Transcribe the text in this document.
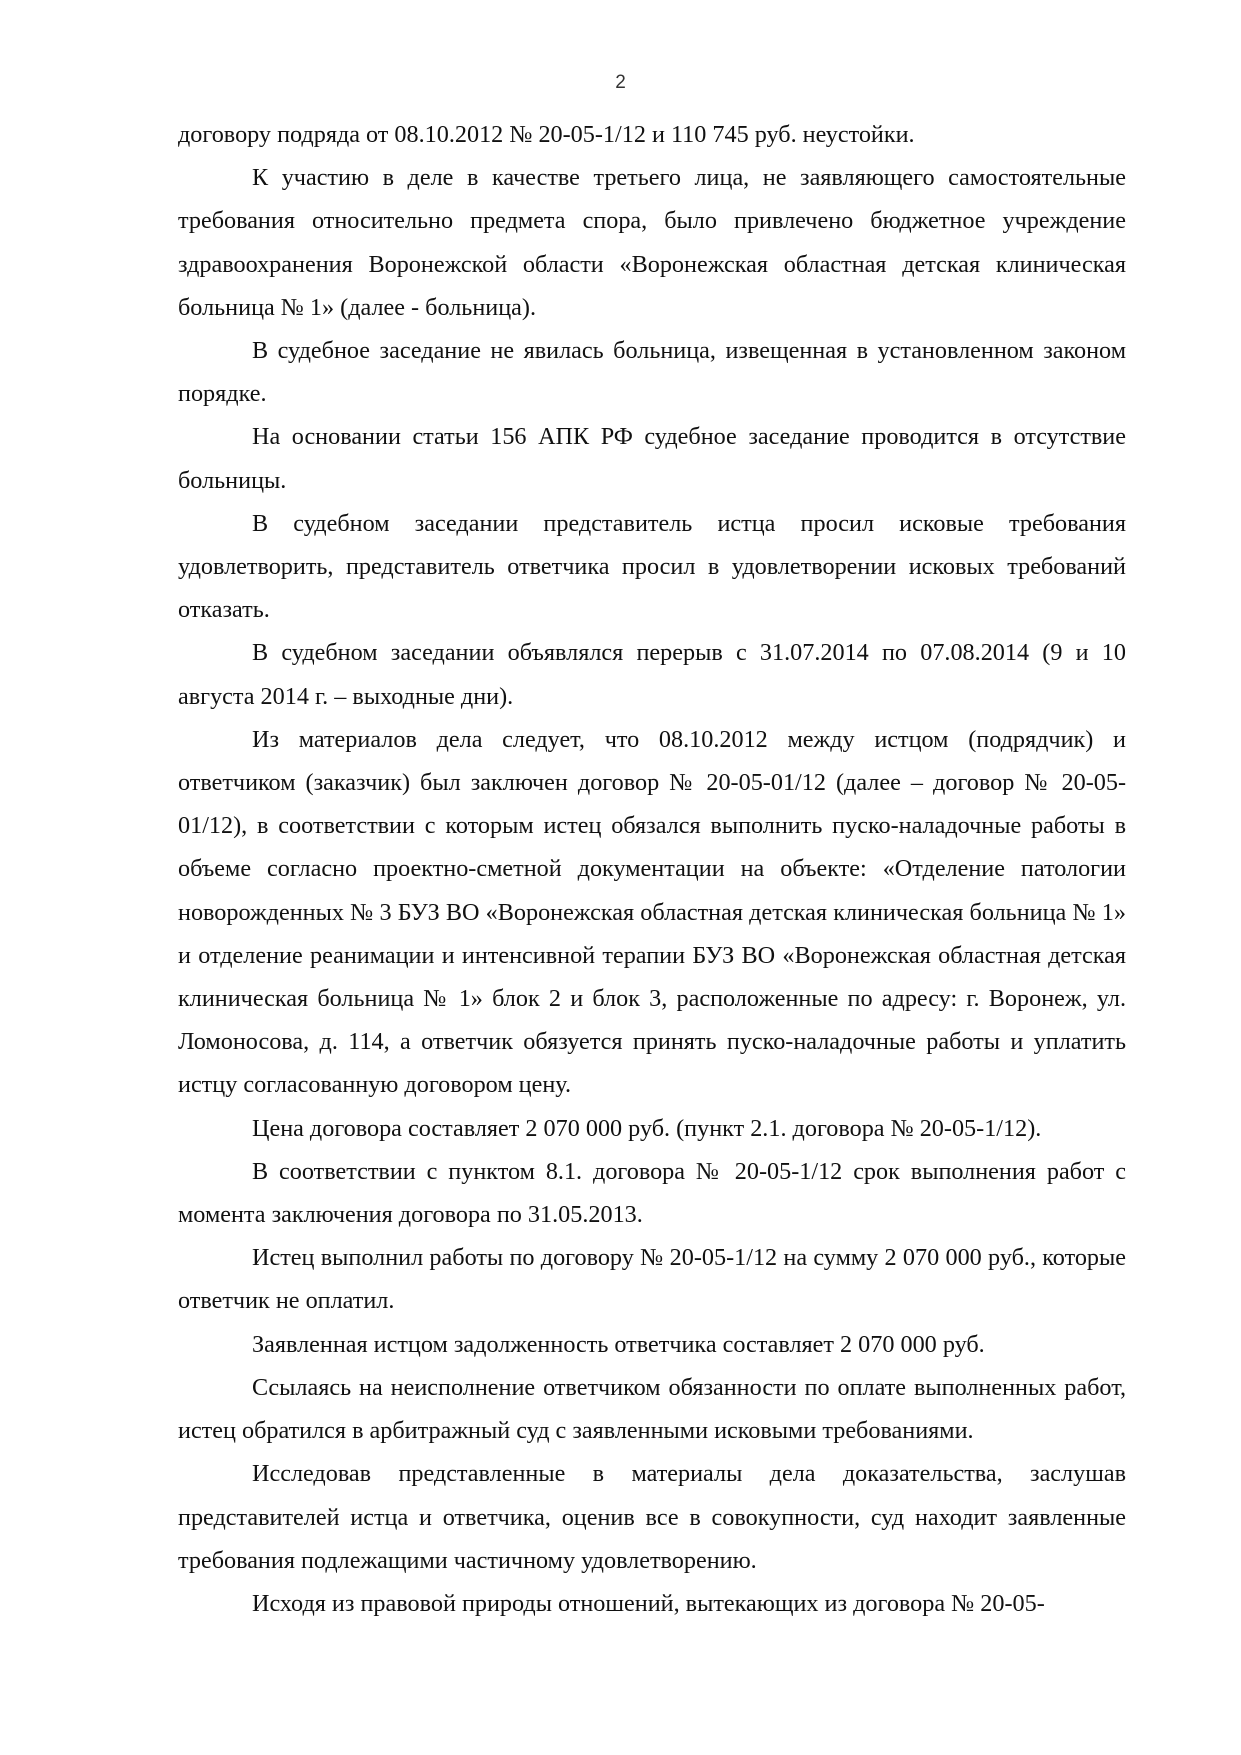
2

договору подряда от 08.10.2012 № 20-05-1/12 и 110 745 руб. неустойки.

К участию в деле в качестве третьего лица, не заявляющего самостоятельные требования относительно предмета спора, было привлечено бюджетное учреждение здравоохранения Воронежской области «Воронежская областная детская клиническая больница № 1» (далее - больница).

В судебное заседание не явилась больница, извещенная в установленном законом порядке.

На основании статьи 156 АПК РФ судебное заседание проводится в отсутствие больницы.

В судебном заседании представитель истца просил исковые требования удовлетворить, представитель ответчика просил в удовлетворении исковых требований отказать.

В судебном заседании объявлялся перерыв с 31.07.2014 по 07.08.2014 (9 и 10 августа 2014 г. – выходные дни).

Из материалов дела следует, что 08.10.2012 между истцом (подрядчик) и ответчиком (заказчик) был заключен договор № 20-05-01/12 (далее – договор № 20-05-01/12), в соответствии с которым истец обязался выполнить пуско-наладочные работы в объеме согласно проектно-сметной документации на объекте: «Отделение патологии новорожденных № 3 БУЗ ВО «Воронежская областная детская клиническая больница № 1» и отделение реанимации и интенсивной терапии БУЗ ВО «Воронежская областная детская клиническая больница № 1» блок 2 и блок 3, расположенные по адресу: г. Воронеж, ул. Ломоносова, д. 114, а ответчик обязуется принять пуско-наладочные работы и уплатить истцу согласованную договором цену.

Цена договора составляет 2 070 000 руб. (пункт 2.1. договора № 20-05-1/12).

В соответствии с пунктом 8.1. договора № 20-05-1/12 срок выполнения работ с момента заключения договора по 31.05.2013.

Истец выполнил работы по договору № 20-05-1/12 на сумму 2 070 000 руб., которые ответчик не оплатил.

Заявленная истцом задолженность ответчика составляет 2 070 000 руб.

Ссылаясь на неисполнение ответчиком обязанности по оплате выполненных работ, истец обратился в арбитражный суд с заявленными исковыми требованиями.

Исследовав представленные в материалы дела доказательства, заслушав представителей истца и ответчика, оценив все в совокупности, суд находит заявленные требования подлежащими частичному удовлетворению.

Исходя из правовой природы отношений, вытекающих из договора № 20-05-
